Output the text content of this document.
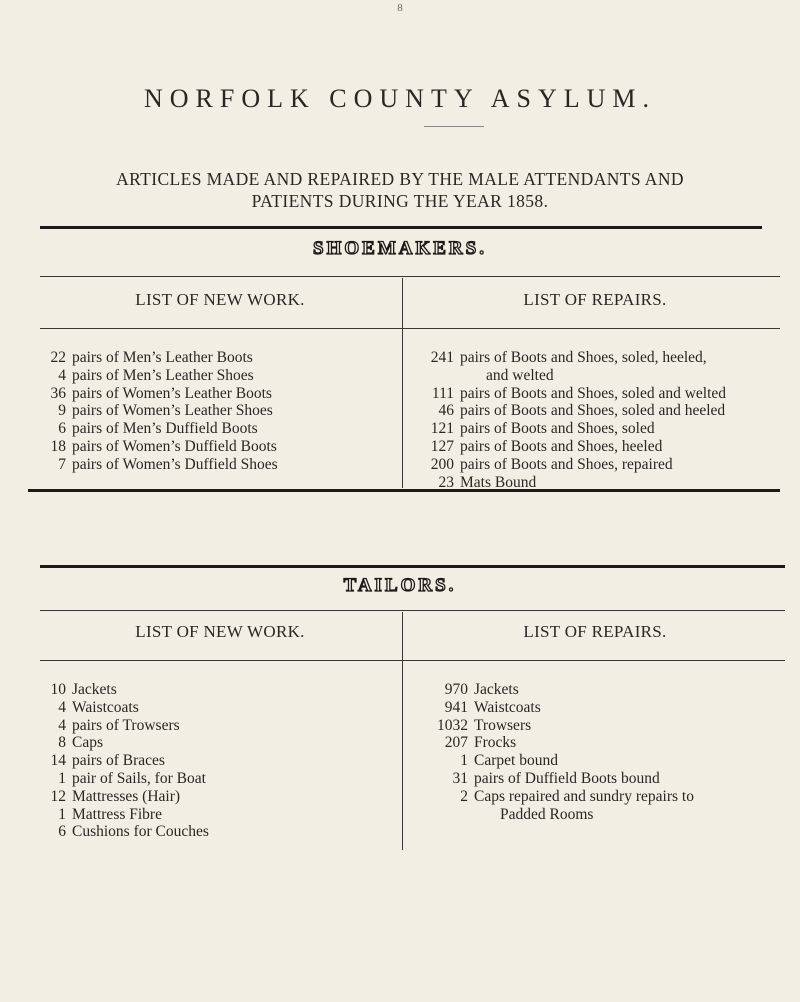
8
NORFOLK COUNTY ASYLUM.
ARTICLES MADE AND REPAIRED BY THE MALE ATTENDANTS AND
PATIENTS DURING THE YEAR 1858.
SHOEMAKERS.
LIST OF NEW WORK.	LIST OF REPAIRS.
22 pairs of Men’s Leather Boots
4 pairs of Men’s Leather Shoes
36 pairs of Women’s Leather Boots
9 pairs of Women’s Leather Shoes
6 pairs of Men’s Duffield Boots
18 pairs of Women’s Duffield Boots
7 pairs of Women’s Duffield Shoes
241 pairs of Boots and Shoes, soled, heeled,
and welted
111 pairs of Boots and Shoes, soled and welted
46 pairs of Boots and Shoes, soled and heeled
121 pairs of Boots and Shoes, soled
127 pairs of Boots and Shoes, heeled
200 pairs of Boots and Shoes, repaired
23 Mats Bound
TAILORS.
LIST OF NEW WORK.	LIST OF REPAIRS.
10 Jackets
4 Waistcoats
4 pairs of Trowsers
8 Caps
14 pairs of Braces
1 pair of Sails, for Boat
12 Mattresses (Hair)
1 Mattress Fibre
6 Cushions for Couches
970 Jackets
941 Waistcoats
1032 Trowsers
207 Frocks
1 Carpet bound
31 pairs of Duffield Boots bound
2 Caps repaired and sundry repairs to
Padded Rooms
